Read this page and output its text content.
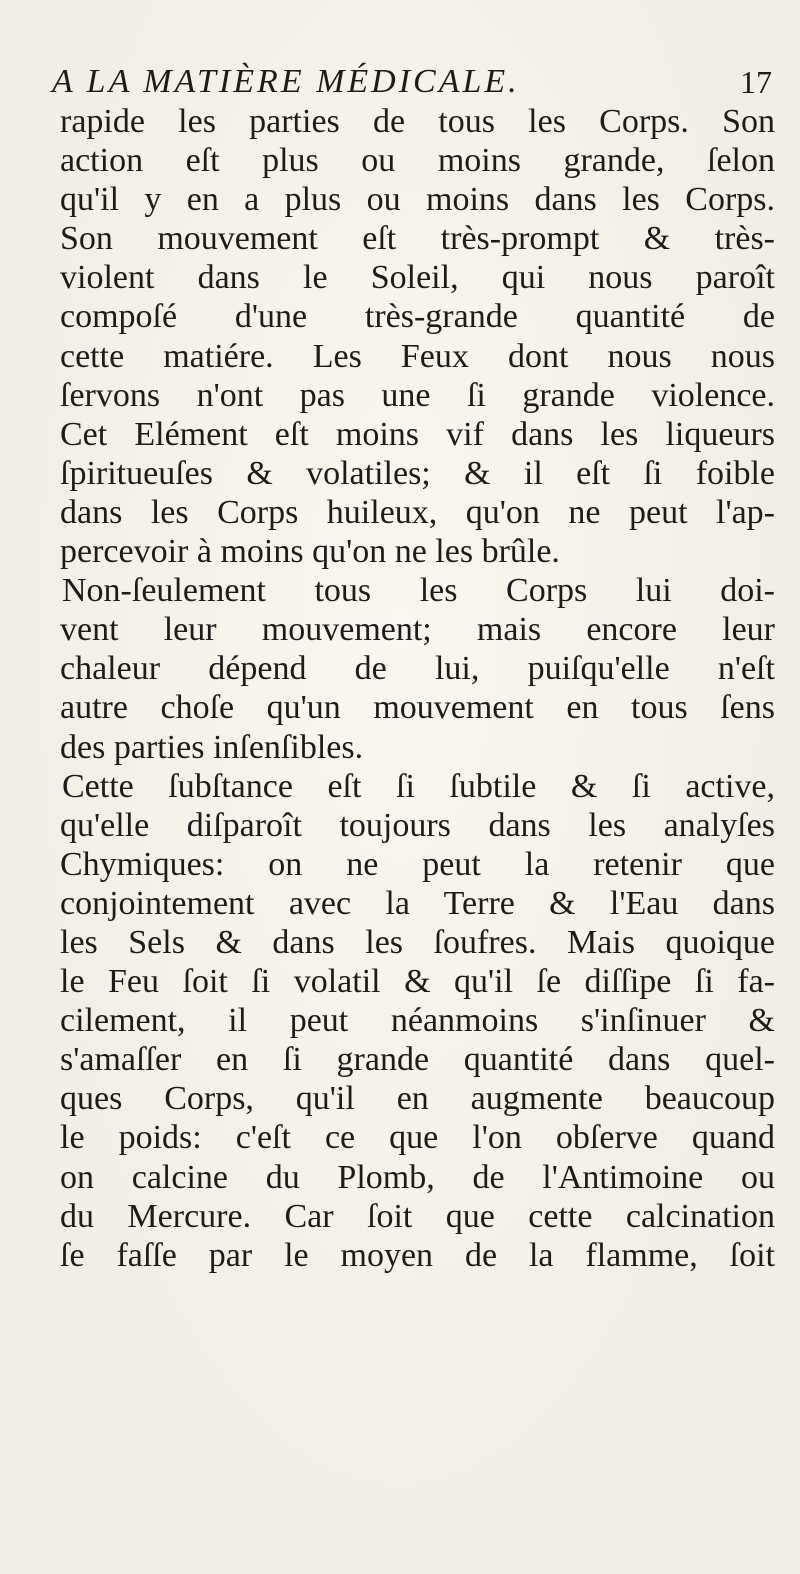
A LA MATIÈRE MÉDICALE.	17
rapide les parties de tous les Corps. Son
action eſt plus ou moins grande, ſelon
qu'il y en a plus ou moins dans les Corps.
Son mouvement eſt très-prompt & très-
violent dans le Soleil, qui nous paroît
compoſé d'une très-grande quantité de
cette matiére. Les Feux dont nous nous
ſervons n'ont pas une ſi grande violence.
Cet Elément eſt moins vif dans les liqueurs
ſpiritueuſes & volatiles; & il eſt ſi foible
dans les Corps huileux, qu'on ne peut l'ap-
percevoir à moins qu'on ne les brûle.
Non-ſeulement tous les Corps lui doi-
vent leur mouvement; mais encore leur
chaleur dépend de lui, puiſqu'elle n'eſt
autre choſe qu'un mouvement en tous ſens
des parties inſenſibles.
Cette ſubſtance eſt ſi ſubtile & ſi active,
qu'elle diſparoît toujours dans les analyſes
Chymiques: on ne peut la retenir que
conjointement avec la Terre & l'Eau dans
les Sels & dans les ſoufres. Mais quoique
le Feu ſoit ſi volatil & qu'il ſe diſſipe ſi fa-
cilement, il peut néanmoins s'inſinuer &
s'amaſſer en ſi grande quantité dans quel-
ques Corps, qu'il en augmente beaucoup
le poids: c'eſt ce que l'on obſerve quand
on calcine du Plomb, de l'Antimoine ou
du Mercure. Car ſoit que cette calcination
ſe faſſe par le moyen de la flamme, ſoit
